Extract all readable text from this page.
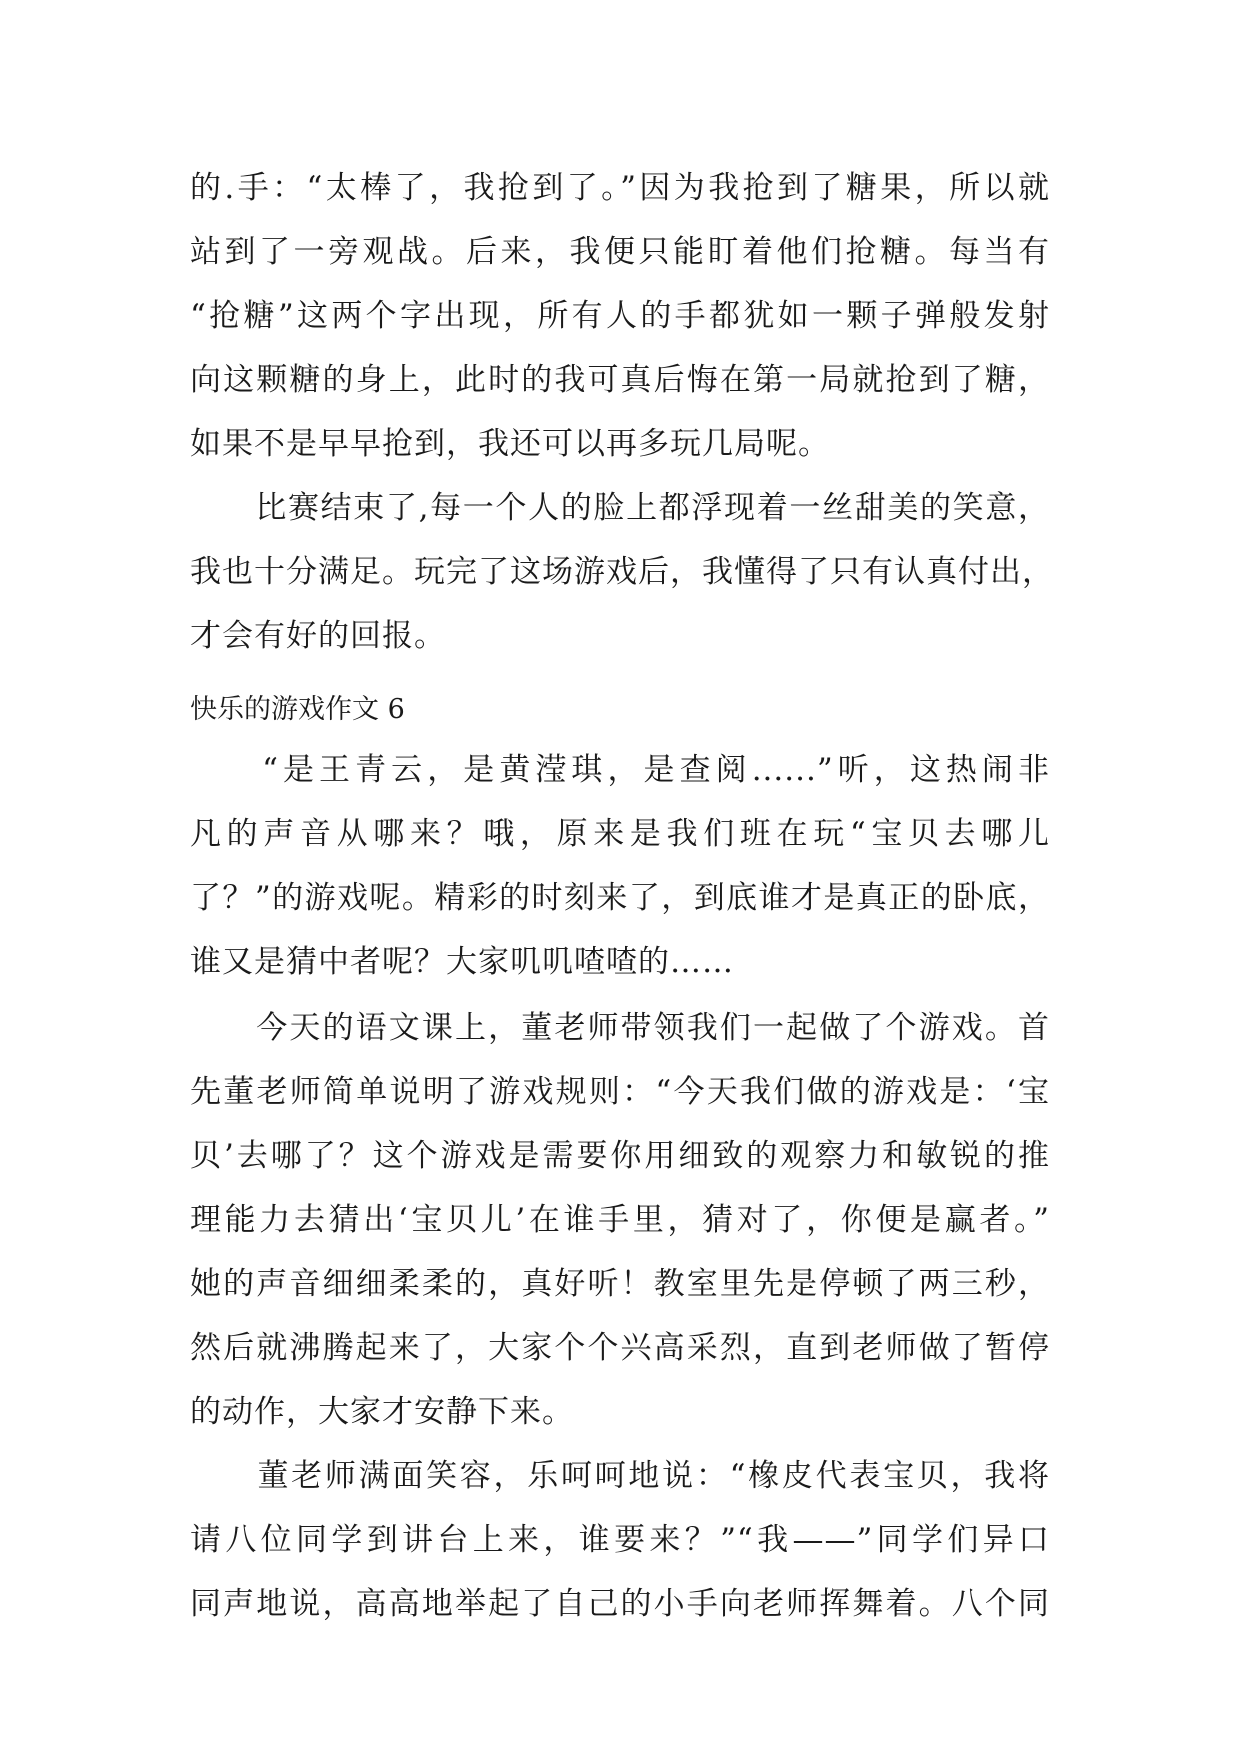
的.手：“太棒了，我抢到了。”因为我抢到了糖果，所以就
站到了一旁观战。后来，我便只能盯着他们抢糖。每当有
“抢糖”这两个字出现，所有人的手都犹如一颗子弹般发射
向这颗糖的身上，此时的我可真后悔在第一局就抢到了糖，
如果不是早早抢到，我还可以再多玩几局呢。
　　比赛结束了,每一个人的脸上都浮现着一丝甜美的笑意，
我也十分满足。玩完了这场游戏后，我懂得了只有认真付出，
才会有好的回报。
快乐的游戏作文 6
　　“是王青云，是黄滢琪，是查阅......”听，这热闹非
凡的声音从哪来？哦，原来是我们班在玩“宝贝去哪儿
了？”的游戏呢。精彩的时刻来了，到底谁才是真正的卧底，
谁又是猜中者呢？大家叽叽喳喳的……
　　今天的语文课上，董老师带领我们一起做了个游戏。首
先董老师简单说明了游戏规则：“今天我们做的游戏是：‘宝
贝’去哪了？这个游戏是需要你用细致的观察力和敏锐的推
理能力去猜出‘宝贝儿’在谁手里，猜对了，你便是赢者。”
她的声音细细柔柔的，真好听！教室里先是停顿了两三秒，
然后就沸腾起来了，大家个个兴高采烈，直到老师做了暂停
的动作，大家才安静下来。
　　董老师满面笑容，乐呵呵地说：“橡皮代表宝贝，我将
请八位同学到讲台上来，谁要来？”“我——”同学们异口
同声地说，高高地举起了自己的小手向老师挥舞着。八个同
